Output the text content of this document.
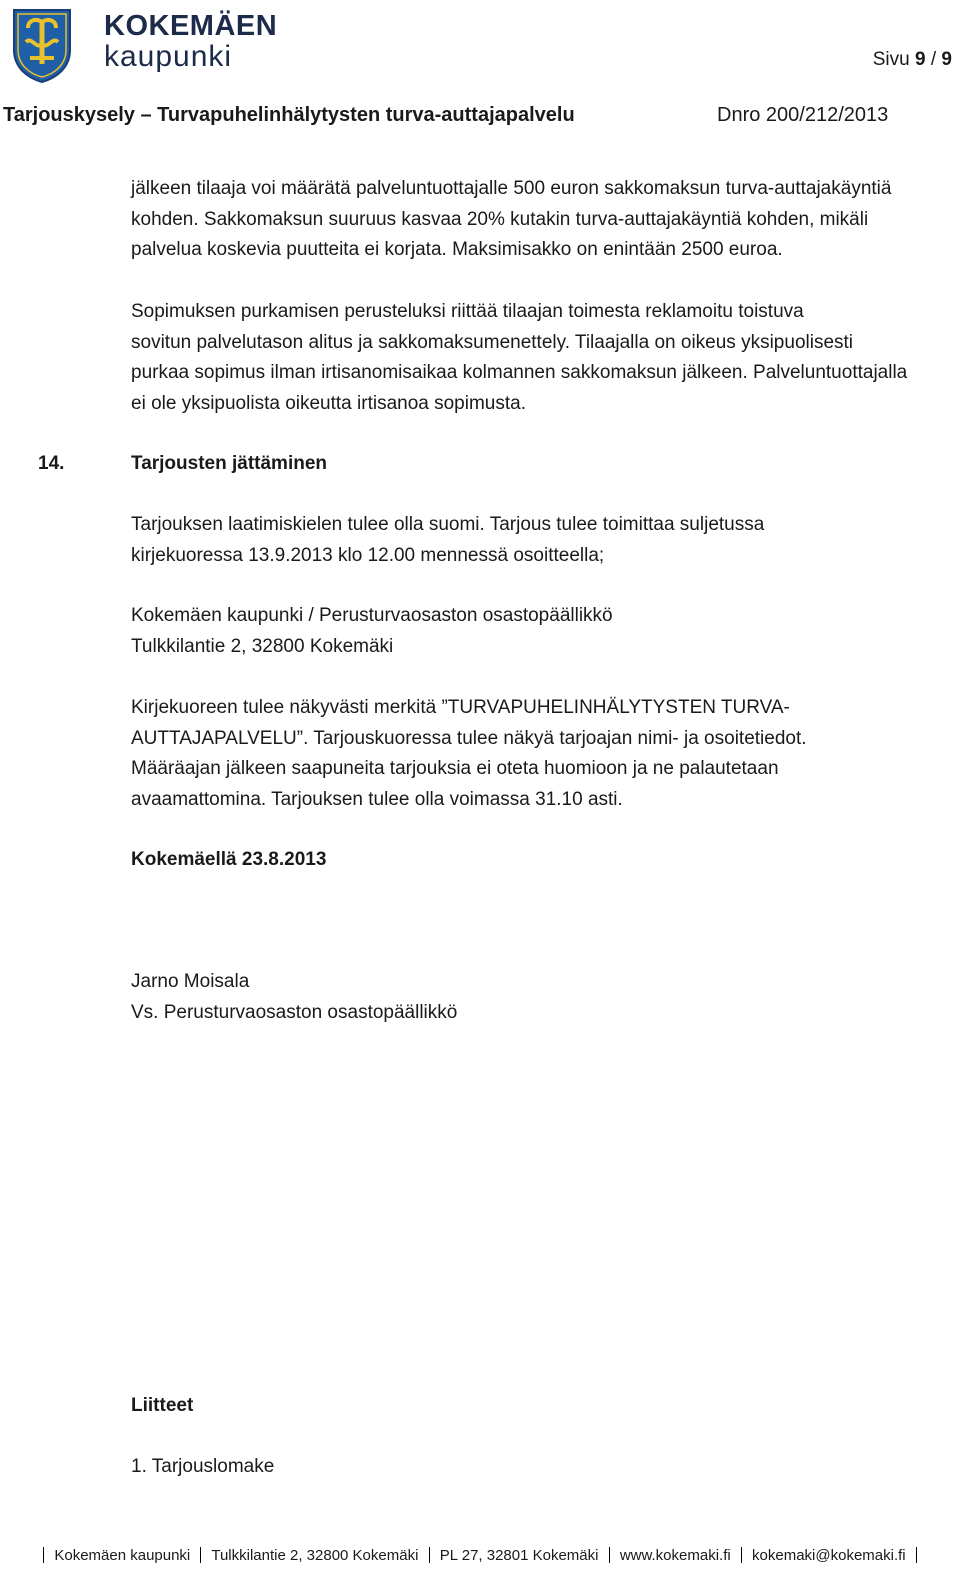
KOKEMÄEN
kaupunki	Sivu 9 / 9
Tarjouskysely – Turvapuhelinhälytysten turva-auttajapalvelu	Dnro 200/212/2013
jälkeen tilaaja voi määrätä palveluntuottajalle 500 euron sakkomaksun turva-auttajakäyntiä
kohden. Sakkomaksun suuruus kasvaa 20% kutakin turva-auttajakäyntiä kohden, mikäli
palvelua koskevia puutteita ei korjata. Maksimisakko on enintään 2500 euroa.
Sopimuksen purkamisen perusteluksi riittää tilaajan toimesta reklamoitu toistuva
sovitun palvelutason alitus ja sakkomaksumenettely. Tilaajalla on oikeus yksipuolisesti
purkaa sopimus ilman irtisanomisaikaa kolmannen sakkomaksun jälkeen. Palveluntuottajalla
ei ole yksipuolista oikeutta irtisanoa sopimusta.
14.	Tarjousten jättäminen
Tarjouksen laatimiskielen tulee olla suomi. Tarjous tulee toimittaa suljetussa
kirjekuoressa 13.9.2013 klo 12.00 mennessä osoitteella;
Kokemäen kaupunki / Perusturvaosaston osastopäällikkö
Tulkkilantie 2, 32800 Kokemäki
Kirjekuoreen tulee näkyvästi merkitä ”TURVAPUHELINHÄLYTYSTEN TURVA-
AUTTAJAPALVELU”. Tarjouskuoressa tulee näkyä tarjoajan nimi- ja osoitetiedot.
Määräajan jälkeen saapuneita tarjouksia ei oteta huomioon ja ne palautetaan
avaamattomina. Tarjouksen tulee olla voimassa 31.10 asti.
Kokemäellä 23.8.2013
Jarno Moisala
Vs. Perusturvaosaston osastopäällikkö
Liitteet
1. Tarjouslomake
Kokemäen kaupunki Tulkkilantie 2, 32800 Kokemäki PL 27, 32801 Kokemäki www.kokemaki.fi kokemaki@kokemaki.fi
